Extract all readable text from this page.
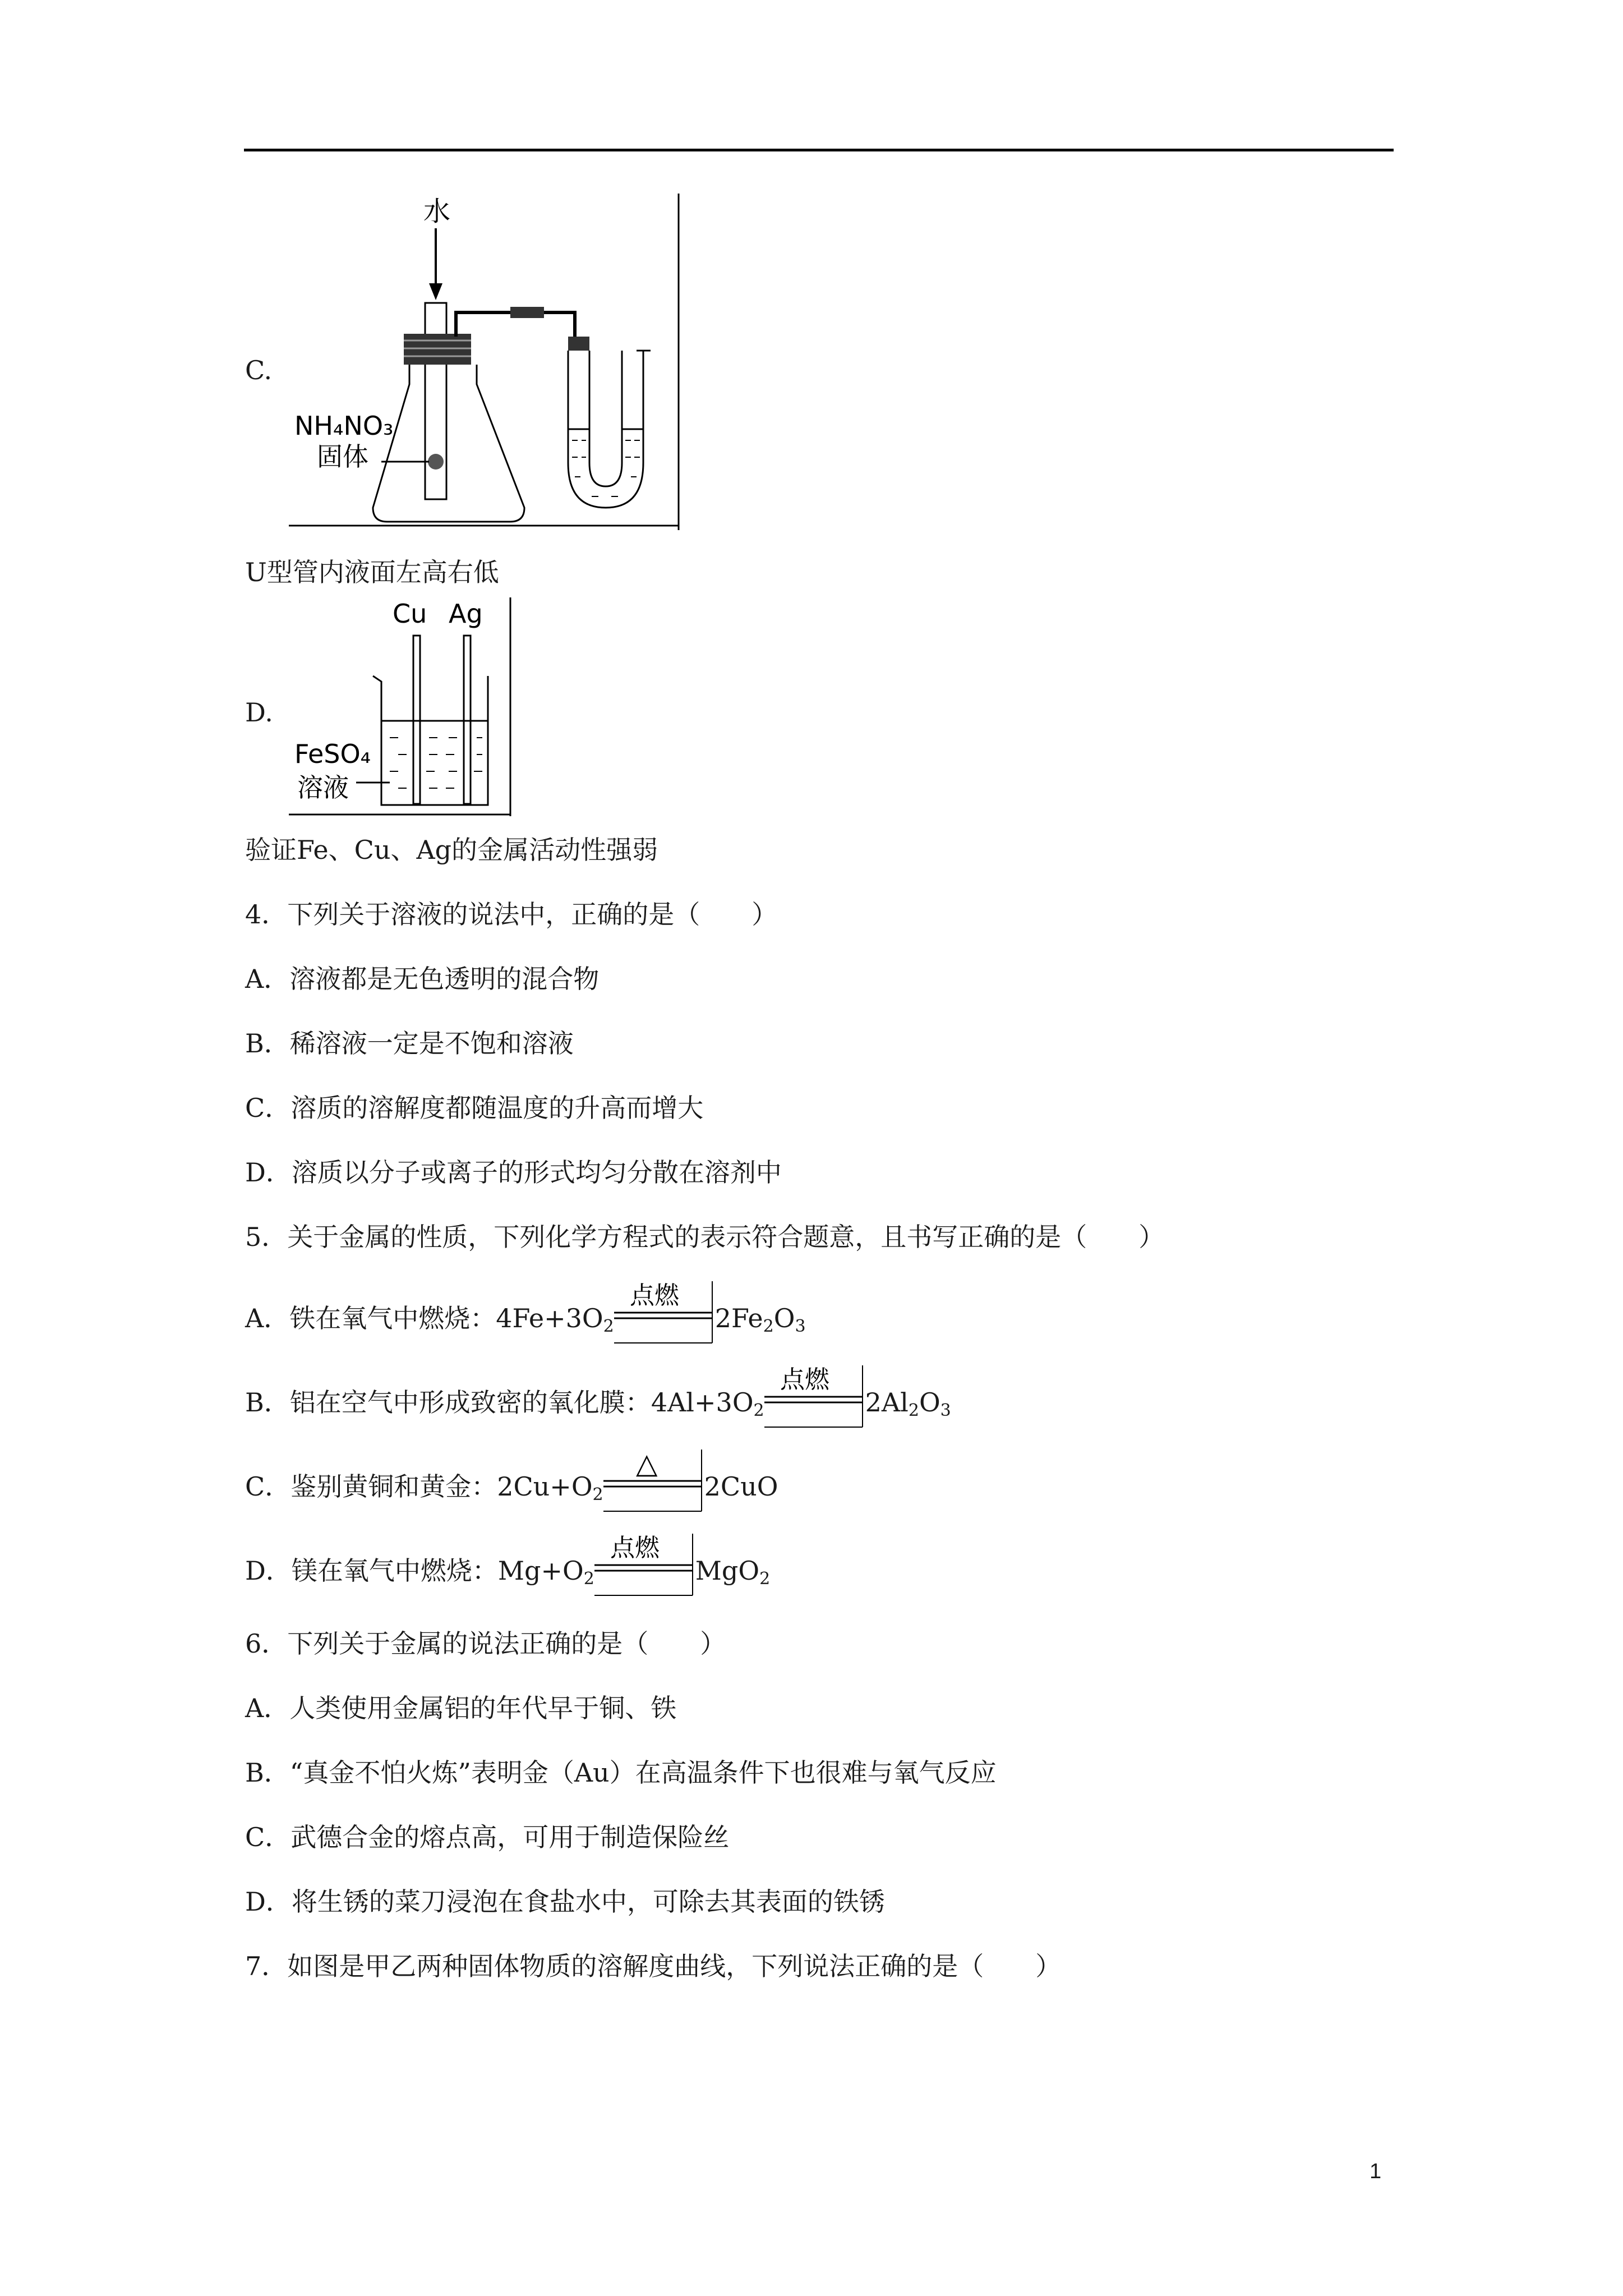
C.
水
NH₄NO₃
固体
U型管内液面左高右低
D.
Cu Ag
FeSO₄
溶液
验证Fe、Cu、Ag的金属活动性强弱
4．下列关于溶液的说法中，正确的是（　　）
A．溶液都是无色透明的混合物
B．稀溶液一定是不饱和溶液
C．溶质的溶解度都随温度的升高而增大
D．溶质以分子或离子的形式均匀分散在溶剂中
5．关于金属的性质，下列化学方程式的表示符合题意，且书写正确的是（　　）
A．铁在氧气中燃烧：$4Fe+3O_2$
点燃
$2Fe_2O_3$
B．铝在空气中形成致密的氧化膜：$4Al+3O_2$
点燃
$2Al_2O_3$
C．鉴别黄铜和黄金：$2Cu+O_2$
△
2CuO
D．镁在氧气中燃烧：$Mg+O_2$
点燃
MgO$_2$
6．下列关于金属的说法正确的是（　　）
A．人类使用金属铝的年代早于铜、铁
B．“真金不怕火炼”表明金（Au）在高温条件下也很难与氧气反应
C．武德合金的熔点高，可用于制造保险丝
D．将生锈的菜刀浸泡在食盐水中，可除去其表面的铁锈
7．如图是甲乙两种固体物质的溶解度曲线，下列说法正确的是（　　）
1
